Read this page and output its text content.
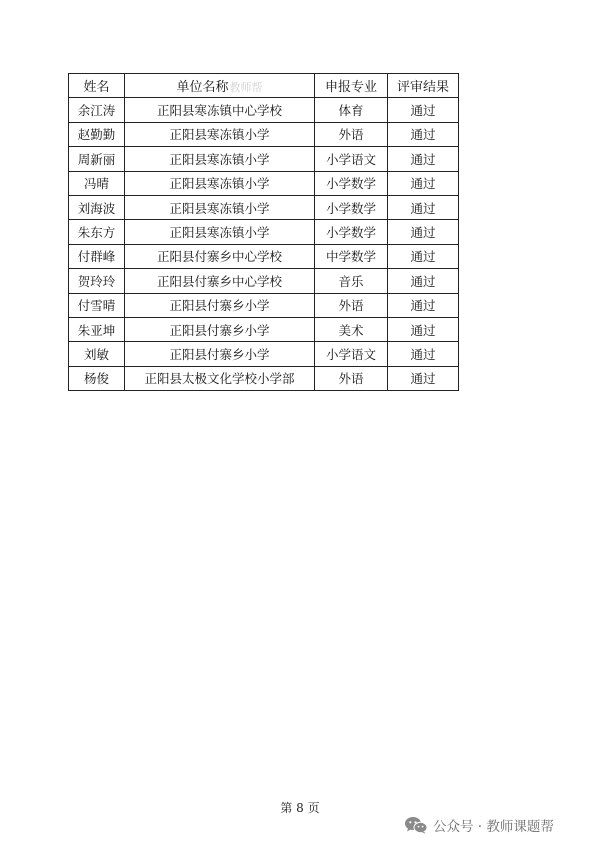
姓名	单位名称教师帮	申报专业	评审结果
余江涛	正阳县寒冻镇中心学校	体育	通过
赵勤勤	正阳县寒冻镇小学	外语	通过
周新丽	正阳县寒冻镇小学	小学语文	通过
冯晴	正阳县寒冻镇小学	小学数学	通过
刘海波	正阳县寒冻镇小学	小学数学	通过
朱东方	正阳县寒冻镇小学	小学数学	通过
付群峰	正阳县付寨乡中心学校	中学数学	通过
贺玲玲	正阳县付寨乡中心学校	音乐	通过
付雪晴	正阳县付寨乡小学	外语	通过
朱亚坤	正阳县付寨乡小学	美术	通过
刘敏	正阳县付寨乡小学	小学语文	通过
杨俊	正阳县太极文化学校小学部	外语	通过
第 8 页
公众号 · 教师课题帮
